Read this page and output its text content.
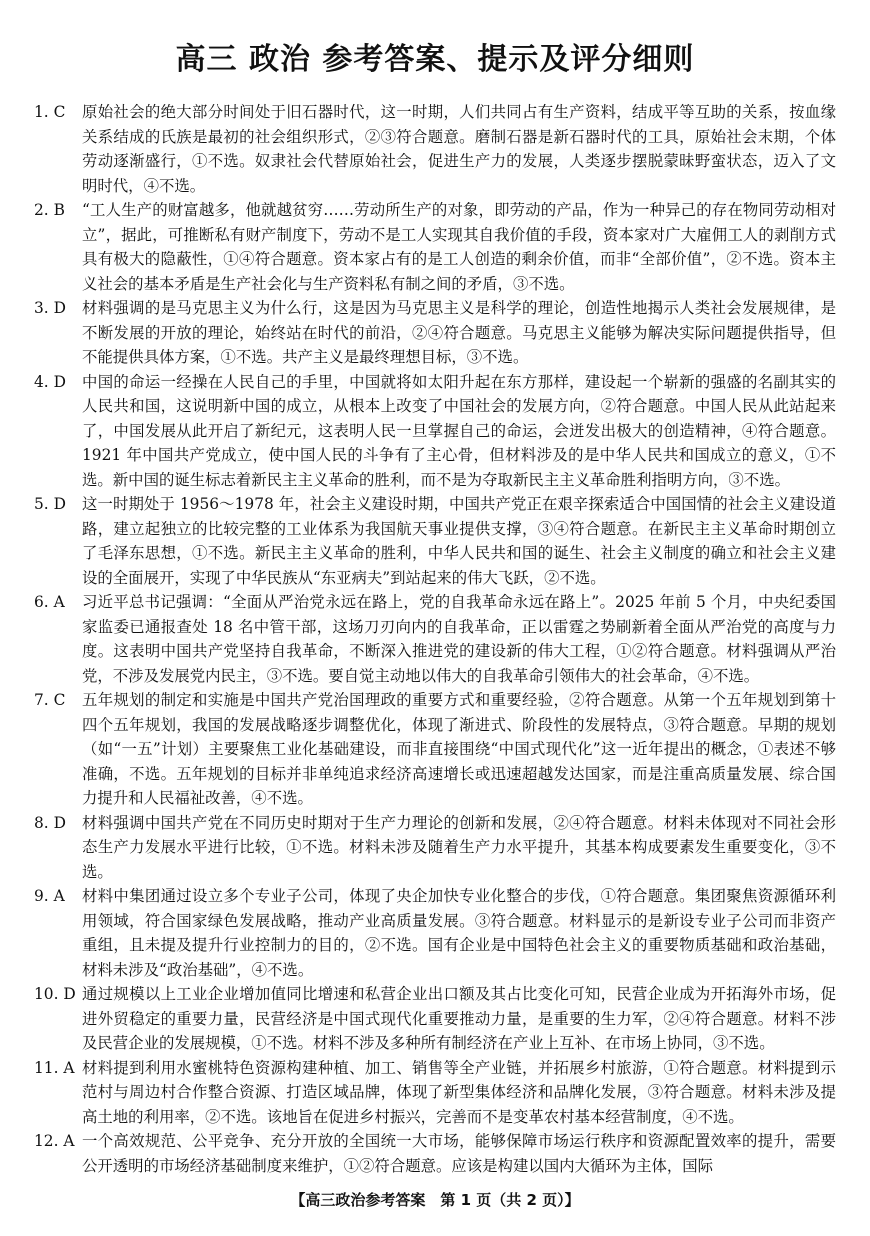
高三 政治 参考答案、提示及评分细则
1. C 原始社会的绝大部分时间处于旧石器时代，这一时期，人们共同占有生产资料，结成平等互助的关系，按血缘关系结成的氏族是最初的社会组织形式，②③符合题意。磨制石器是新石器时代的工具，原始社会末期，个体劳动逐渐盛行，①不选。奴隶社会代替原始社会，促进生产力的发展，人类逐步摆脱蒙昧野蛮状态，迈入了文明时代，④不选。
2. B “工人生产的财富越多，他就越贫穷……劳动所生产的对象，即劳动的产品，作为一种异己的存在物同劳动相对立”，据此，可推断私有财产制度下，劳动不是工人实现其自我价值的手段，资本家对广大雇佣工人的剥削方式具有极大的隐蔽性，①④符合题意。资本家占有的是工人创造的剩余价值，而非“全部价值”，②不选。资本主义社会的基本矛盾是生产社会化与生产资料私有制之间的矛盾，③不选。
3. D 材料强调的是马克思主义为什么行，这是因为马克思主义是科学的理论，创造性地揭示人类社会发展规律，是不断发展的开放的理论，始终站在时代的前沿，②④符合题意。马克思主义能够为解决实际问题提供指导，但不能提供具体方案，①不选。共产主义是最终理想目标，③不选。
4. D 中国的命运一经操在人民自己的手里，中国就将如太阳升起在东方那样，建设起一个崭新的强盛的名副其实的人民共和国，这说明新中国的成立，从根本上改变了中国社会的发展方向，②符合题意。中国人民从此站起来了，中国发展从此开启了新纪元，这表明人民一旦掌握自己的命运，会迸发出极大的创造精神，④符合题意。1921 年中国共产党成立，使中国人民的斗争有了主心骨，但材料涉及的是中华人民共和国成立的意义，①不选。新中国的诞生标志着新民主主义革命的胜利，而不是为夺取新民主主义革命胜利指明方向，③不选。
5. D 这一时期处于 1956～1978 年，社会主义建设时期，中国共产党正在艰辛探索适合中国国情的社会主义建设道路，建立起独立的比较完整的工业体系为我国航天事业提供支撑，③④符合题意。在新民主主义革命时期创立了毛泽东思想，①不选。新民主主义革命的胜利，中华人民共和国的诞生、社会主义制度的确立和社会主义建设的全面展开，实现了中华民族从“东亚病夫”到站起来的伟大飞跃，②不选。
6. A 习近平总书记强调：“全面从严治党永远在路上，党的自我革命永远在路上”。2025 年前 5 个月，中央纪委国家监委已通报查处 18 名中管干部，这场刀刃向内的自我革命，正以雷霆之势刷新着全面从严治党的高度与力度。这表明中国共产党坚持自我革命，不断深入推进党的建设新的伟大工程，①②符合题意。材料强调从严治党，不涉及发展党内民主，③不选。要自觉主动地以伟大的自我革命引领伟大的社会革命，④不选。
7. C 五年规划的制定和实施是中国共产党治国理政的重要方式和重要经验，②符合题意。从第一个五年规划到第十四个五年规划，我国的发展战略逐步调整优化，体现了渐进式、阶段性的发展特点，③符合题意。早期的规划（如“一五”计划）主要聚焦工业化基础建设，而非直接围绕“中国式现代化”这一近年提出的概念，①表述不够准确，不选。五年规划的目标并非单纯追求经济高速增长或迅速超越发达国家，而是注重高质量发展、综合国力提升和人民福祉改善，④不选。
8. D 材料强调中国共产党在不同历史时期对于生产力理论的创新和发展，②④符合题意。材料未体现对不同社会形态生产力发展水平进行比较，①不选。材料未涉及随着生产力水平提升，其基本构成要素发生重要变化，③不选。
9. A 材料中集团通过设立多个专业子公司，体现了央企加快专业化整合的步伐，①符合题意。集团聚焦资源循环利用领域，符合国家绿色发展战略，推动产业高质量发展。③符合题意。材料显示的是新设专业子公司而非资产重组，且未提及提升行业控制力的目的，②不选。国有企业是中国特色社会主义的重要物质基础和政治基础，材料未涉及“政治基础”，④不选。
10. D 通过规模以上工业企业增加值同比增速和私营企业出口额及其占比变化可知，民营企业成为开拓海外市场，促进外贸稳定的重要力量，民营经济是中国式现代化重要推动力量，是重要的生力军，②④符合题意。材料不涉及民营企业的发展规模，①不选。材料不涉及多种所有制经济在产业上互补、在市场上协同，③不选。
11. A 材料提到利用水蜜桃特色资源构建种植、加工、销售等全产业链，并拓展乡村旅游，①符合题意。材料提到示范村与周边村合作整合资源、打造区域品牌，体现了新型集体经济和品牌化发展，③符合题意。材料未涉及提高土地的利用率，②不选。该地旨在促进乡村振兴，完善而不是变革农村基本经营制度，④不选。
12. A 一个高效规范、公平竞争、充分开放的全国统一大市场，能够保障市场运行秩序和资源配置效率的提升，需要公开透明的市场经济基础制度来维护，①②符合题意。应该是构建以国内大循环为主体，国际
【高三政治参考答案　第 1 页（共 2 页）】
